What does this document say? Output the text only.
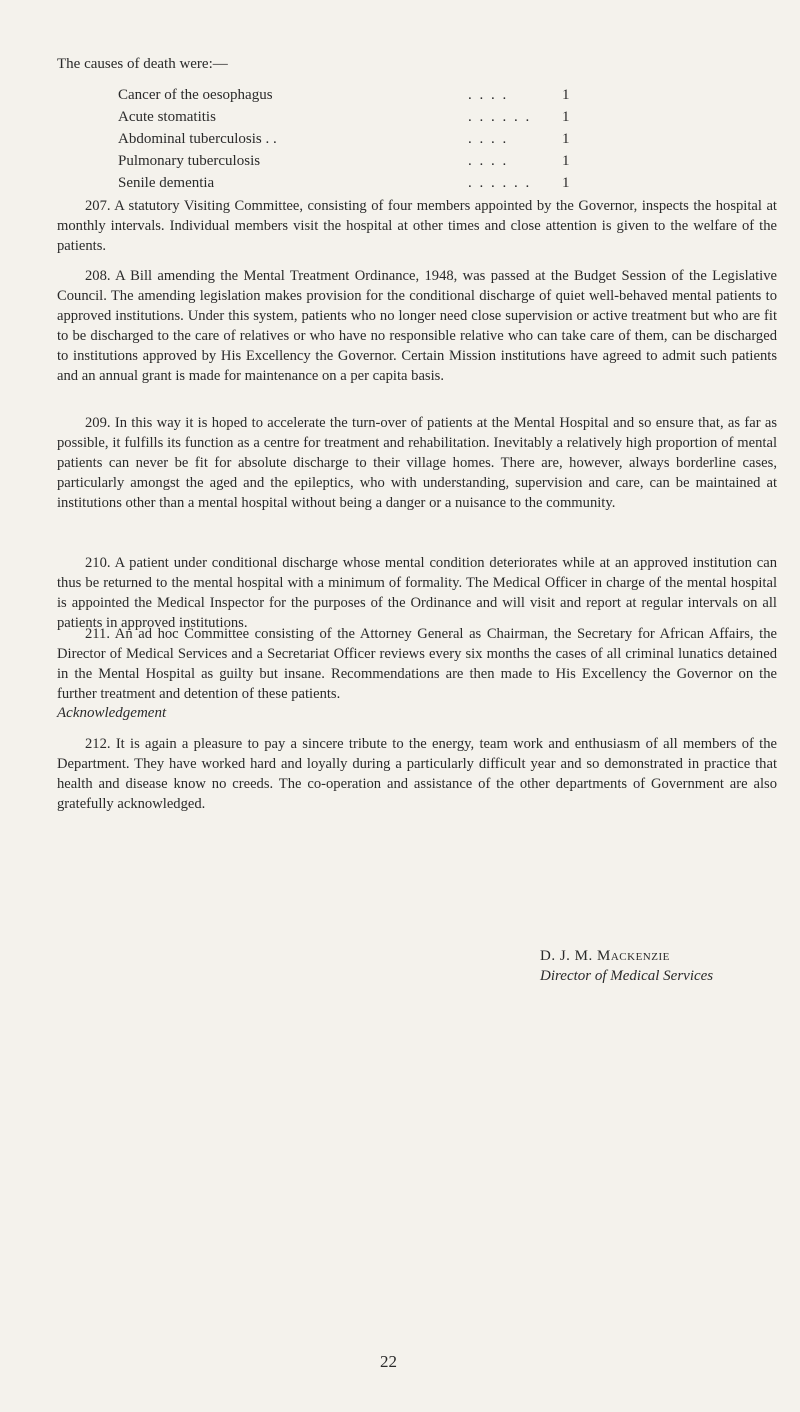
The causes of death were:—
Cancer of the oesophagus	. . . .	1
Acute stomatitis	. . . . . . 1
Abdominal tuberculosis . .	. . . .	1
Pulmonary tuberculosis	. . . .	1
Senile dementia	. . . . . . 1

207. A statutory Visiting Committee, consisting of four members appointed by the Governor, inspects the hospital at monthly intervals. Individual members visit the hospital at other times and close attention is given to the welfare of the patients.

208. A Bill amending the Mental Treatment Ordinance, 1948, was passed at the Budget Session of the Legislative Council. The amending legislation makes provision for the conditional discharge of quiet well-behaved mental patients to approved institutions. Under this system, patients who no longer need close supervision or active treatment but who are fit to be discharged to the care of relatives or who have no responsible relative who can take care of them, can be discharged to institutions approved by His Excellency the Governor. Certain Mission institutions have agreed to admit such patients and an annual grant is made for maintenance on a per capita basis.

209. In this way it is hoped to accelerate the turn-over of patients at the Mental Hospital and so ensure that, as far as possible, it fulfills its function as a centre for treatment and rehabilitation. Inevitably a relatively high proportion of mental patients can never be fit for absolute discharge to their village homes. There are, however, always borderline cases, particularly amongst the aged and the epileptics, who with understanding, supervision and care, can be maintained at institutions other than a mental hospital without being a danger or a nuisance to the community.

210. A patient under conditional discharge whose mental condition deteriorates while at an approved institution can thus be returned to the mental hospital with a minimum of formality. The Medical Officer in charge of the mental hospital is appointed the Medical Inspector for the purposes of the Ordinance and will visit and report at regular intervals on all patients in approved institutions.

211. An ad hoc Committee consisting of the Attorney General as Chairman, the Secretary for African Affairs, the Director of Medical Services and a Secretariat Officer reviews every six months the cases of all criminal lunatics detained in the Mental Hospital as guilty but insane. Recommendations are then made to His Excellency the Governor on the further treatment and detention of these patients.

Acknowledgement

212. It is again a pleasure to pay a sincere tribute to the energy, team work and enthusiasm of all members of the Department. They have worked hard and loyally during a particularly difficult year and so demonstrated in practice that health and disease know no creeds. The co-operation and assistance of the other departments of Government are also gratefully acknowledged.

D. J. M. Mackenzie
Director of Medical Services
22
